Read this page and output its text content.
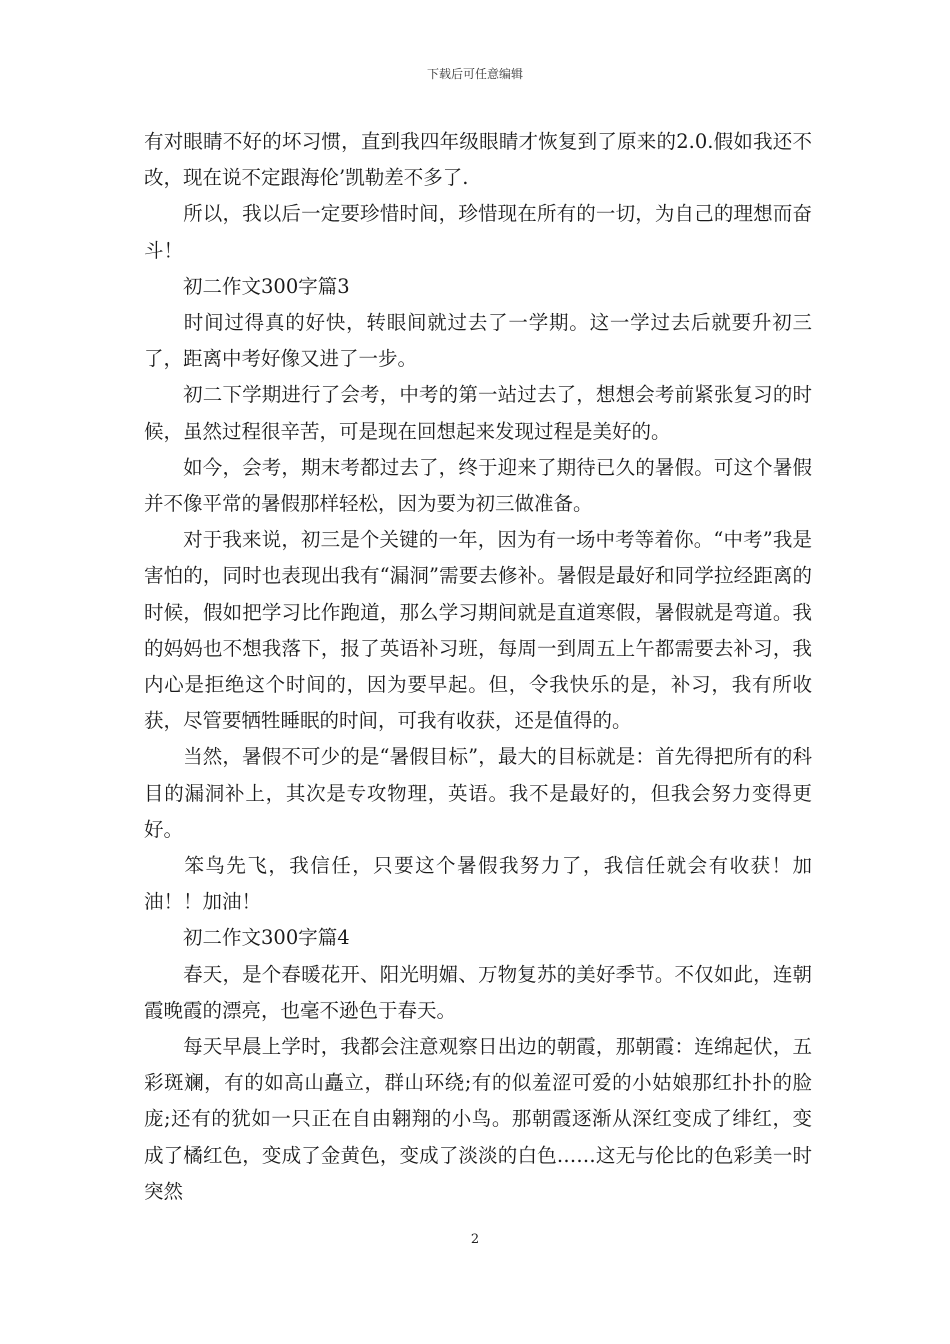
下载后可任意编辑

有对眼睛不好的坏习惯，直到我四年级眼睛才恢复到了原来的2.0.假如我还不改，现在说不定跟海伦’凯勒差不多了.

所以，我以后一定要珍惜时间，珍惜现在所有的一切，为自己的理想而奋斗！

初二作文300字篇3

时间过得真的好快，转眼间就过去了一学期。这一学过去后就要升初三了，距离中考好像又进了一步。

初二下学期进行了会考，中考的第一站过去了，想想会考前紧张复习的时候，虽然过程很辛苦，可是现在回想起来发现过程是美好的。

如今，会考，期末考都过去了，终于迎来了期待已久的暑假。可这个暑假并不像平常的暑假那样轻松，因为要为初三做准备。

对于我来说，初三是个关键的一年，因为有一场中考等着你。“中考”我是害怕的，同时也表现出我有“漏洞”需要去修补。暑假是最好和同学拉经距离的时候，假如把学习比作跑道，那么学习期间就是直道寒假，暑假就是弯道。我的妈妈也不想我落下，报了英语补习班，每周一到周五上午都需要去补习，我内心是拒绝这个时间的，因为要早起。但，令我快乐的是，补习，我有所收获，尽管要牺牲睡眠的时间，可我有收获，还是值得的。

当然，暑假不可少的是“暑假目标”，最大的目标就是：首先得把所有的科目的漏洞补上，其次是专攻物理，英语。我不是最好的，但我会努力变得更好。

笨鸟先飞，我信任，只要这个暑假我努力了，我信任就会有收获！加油！！加油！

初二作文300字篇4

春天，是个春暖花开、阳光明媚、万物复苏的美好季节。不仅如此，连朝霞晚霞的漂亮，也毫不逊色于春天。

每天早晨上学时，我都会注意观察日出边的朝霞，那朝霞：连绵起伏，五彩斑斓，有的如高山矗立，群山环绕;有的似羞涩可爱的小姑娘那红扑扑的脸庞;还有的犹如一只正在自由翱翔的小鸟。那朝霞逐渐从深红变成了绯红，变成了橘红色，变成了金黄色，变成了淡淡的白色……这无与伦比的色彩美一时突然

2
